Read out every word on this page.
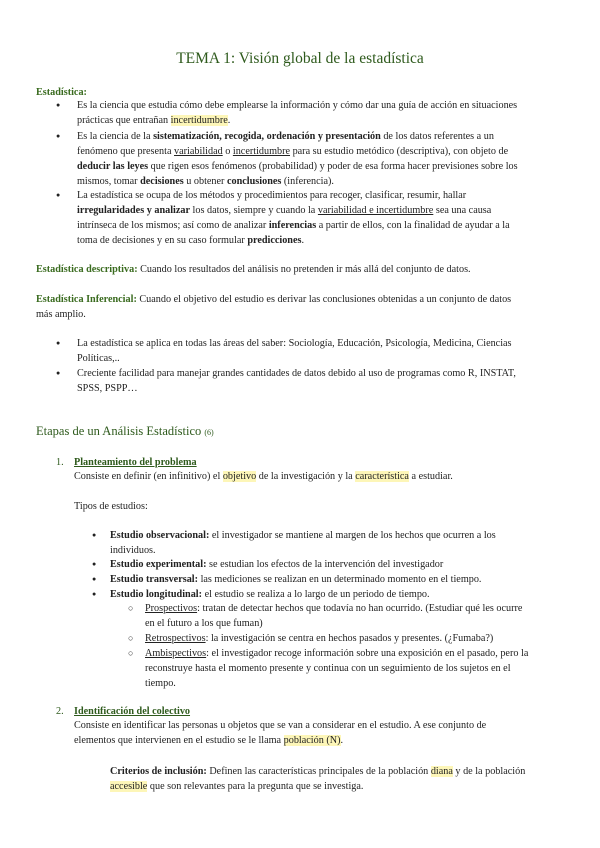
TEMA 1: Visión global de la estadística
Estadística:
●
Es la ciencia que estudia cómo debe emplearse la información y cómo dar una guía de acción en situaciones
prácticas que entrañan incertidumbre.
●
Es la ciencia de la sistematización, recogida, ordenación y presentación de los datos referentes a un
fenómeno que presenta variabilidad o incertidumbre para su estudio metódico (descriptiva), con objeto de
deducir las leyes que rigen esos fenómenos (probabilidad) y poder de esa forma hacer previsiones sobre los
mismos, tomar decisiones u obtener conclusiones (inferencia).
●
La estadística se ocupa de los métodos y procedimientos para recoger, clasificar, resumir, hallar
irregularidades y analizar los datos, siempre y cuando la variabilidad e incertidumbre sea una causa
intrínseca de los mismos; así como de analizar inferencias a partir de ellos, con la finalidad de ayudar a la
toma de decisiones y en su caso formular predicciones.
Estadística descriptiva: Cuando los resultados del análisis no pretenden ir más allá del conjunto de datos.
Estadística Inferencial: Cuando el objetivo del estudio es derivar las conclusiones obtenidas a un conjunto de datos
más amplio.
●
La estadística se aplica en todas las áreas del saber: Sociología, Educación, Psicología, Medicina, Ciencias
Políticas,..
●
Creciente facilidad para manejar grandes cantidades de datos debido al uso de programas como R, INSTAT,
SPSS, PSPP…
Etapas de un Análisis Estadístico (6)
1. Planteamiento del problema
Consiste en definir (en infinitivo) el objetivo de la investigación y la característica a estudiar.
Tipos de estudios:
●
Estudio observacional: el investigador se mantiene al margen de los hechos que ocurren a los
individuos.
●
Estudio experimental: se estudian los efectos de la intervención del investigador
●
Estudio transversal: las mediciones se realizan en un determinado momento en el tiempo.
●
Estudio longitudinal: el estudio se realiza a lo largo de un periodo de tiempo.
○
Prospectivos: tratan de detectar hechos que todavía no han ocurrido. (Estudiar qué les ocurre
en el futuro a los que fuman)
○
Retrospectivos: la investigación se centra en hechos pasados y presentes. (¿Fumaba?)
○
Ambispectivos: el investigador recoge información sobre una exposición en el pasado, pero la
reconstruye hasta el momento presente y continua con un seguimiento de los sujetos en el
tiempo.
2. Identificación del colectivo
Consiste en identificar las personas u objetos que se van a considerar en el estudio. A ese conjunto de
elementos que intervienen en el estudio se le llama población (N).
Criterios de inclusión: Definen las características principales de la población diana y de la población
accesible que son relevantes para la pregunta que se investiga.
